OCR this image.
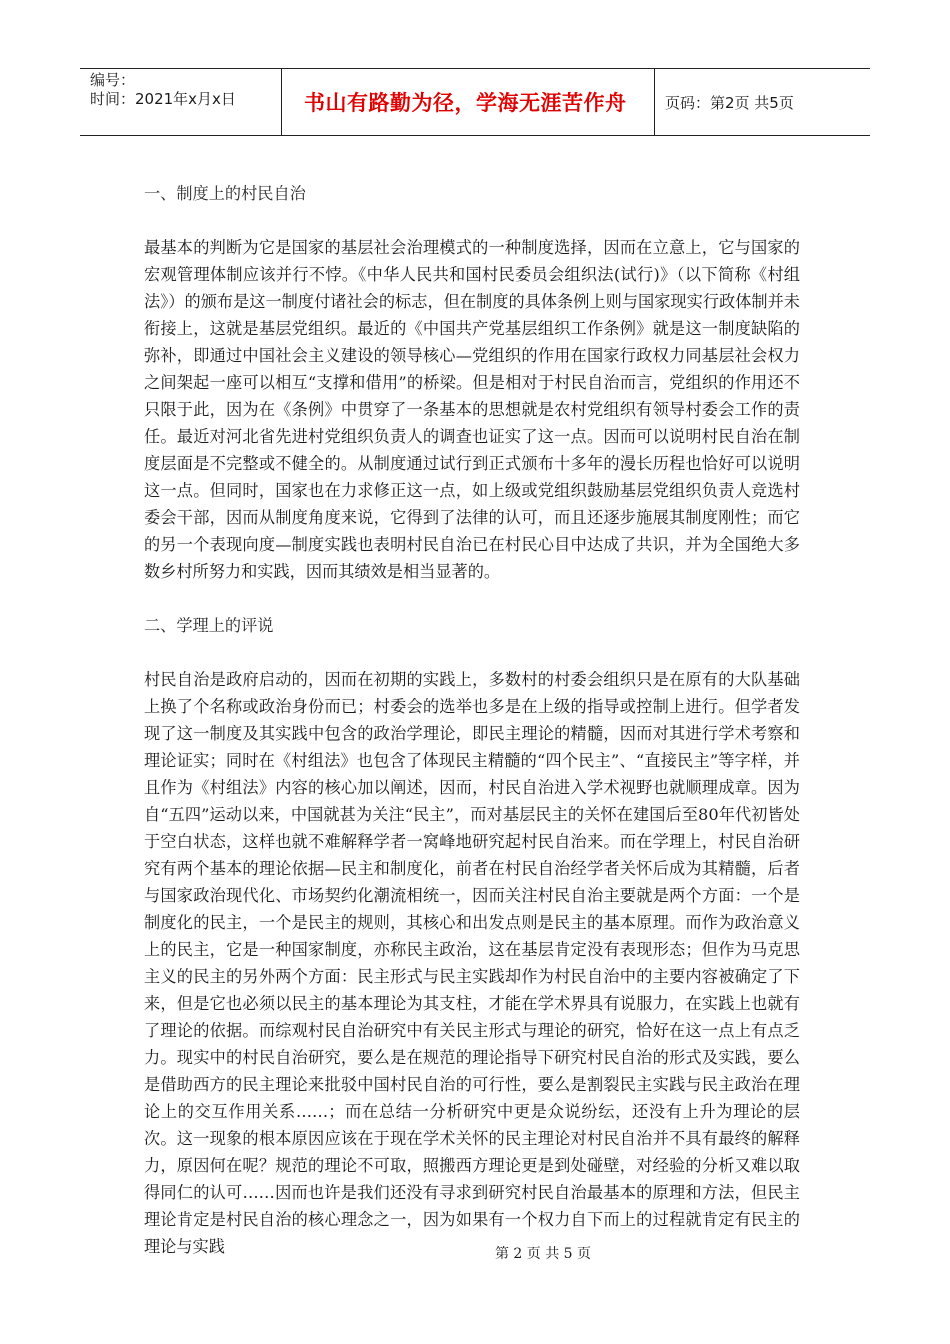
编号：
时间：2021年x月x日	书山有路勤为径，学海无涯苦作舟	页码：第2页 共5页

一、制度上的村民自治

最基本的判断为它是国家的基层社会治理模式的一种制度选择，因而在立意上，它与国家的宏观管理体制应该并行不悖。《中华人民共和国村民委员会组织法(试行)》（以下简称《村组法》）的颁布是这一制度付诸社会的标志，但在制度的具体条例上则与国家现实行政体制并未衔接上，这就是基层党组织。最近的《中国共产党基层组织工作条例》就是这一制度缺陷的弥补，即通过中国社会主义建设的领导核心—党组织的作用在国家行政权力同基层社会权力之间架起一座可以相互“支撑和借用”的桥梁。但是相对于村民自治而言，党组织的作用还不只限于此，因为在《条例》中贯穿了一条基本的思想就是农村党组织有领导村委会工作的责任。最近对河北省先进村党组织负责人的调查也证实了这一点。因而可以说明村民自治在制度层面是不完整或不健全的。从制度通过试行到正式颁布十多年的漫长历程也恰好可以说明这一点。但同时，国家也在力求修正这一点，如上级或党组织鼓励基层党组织负责人竞选村委会干部，因而从制度角度来说，它得到了法律的认可，而且还逐步施展其制度刚性；而它的另一个表现向度—制度实践也表明村民自治已在村民心目中达成了共识，并为全国绝大多数乡村所努力和实践，因而其绩效是相当显著的。

二、学理上的评说

村民自治是政府启动的，因而在初期的实践上，多数村的村委会组织只是在原有的大队基础上换了个名称或政治身份而已；村委会的选举也多是在上级的指导或控制上进行。但学者发现了这一制度及其实践中包含的政治学理论，即民主理论的精髓，因而对其进行学术考察和理论证实；同时在《村组法》也包含了体现民主精髓的“四个民主”、“直接民主”等字样，并且作为《村组法》内容的核心加以阐述，因而，村民自治进入学术视野也就顺理成章。因为自“五四”运动以来，中国就甚为关注“民主”，而对基层民主的关怀在建国后至80年代初皆处于空白状态，这样也就不难解释学者一窝峰地研究起村民自治来。而在学理上，村民自治研究有两个基本的理论依据—民主和制度化，前者在村民自治经学者关怀后成为其精髓，后者与国家政治现代化、市场契约化潮流相统一，因而关注村民自治主要就是两个方面：一个是制度化的民主，一个是民主的规则，其核心和出发点则是民主的基本原理。而作为政治意义上的民主，它是一种国家制度，亦称民主政治，这在基层肯定没有表现形态；但作为马克思主义的民主的另外两个方面：民主形式与民主实践却作为村民自治中的主要内容被确定了下来，但是它也必须以民主的基本理论为其支柱，才能在学术界具有说服力，在实践上也就有了理论的依据。而综观村民自治研究中有关民主形式与理论的研究，恰好在这一点上有点乏力。现实中的村民自治研究，要么是在规范的理论指导下研究村民自治的形式及实践，要么是借助西方的民主理论来批驳中国村民自治的可行性，要么是割裂民主实践与民主政治在理论上的交互作用关系……；而在总结一分析研究中更是众说纷纭，还没有上升为理论的层次。这一现象的根本原因应该在于现在学术关怀的民主理论对村民自治并不具有最终的解释力，原因何在呢？规范的理论不可取，照搬西方理论更是到处碰壁，对经验的分析又难以取得同仁的认可……因而也许是我们还没有寻求到研究村民自治最基本的原理和方法，但民主理论肯定是村民自治的核心理念之一，因为如果有一个权力自下而上的过程就肯定有民主的理论与实践	第 2 页 共 5 页
